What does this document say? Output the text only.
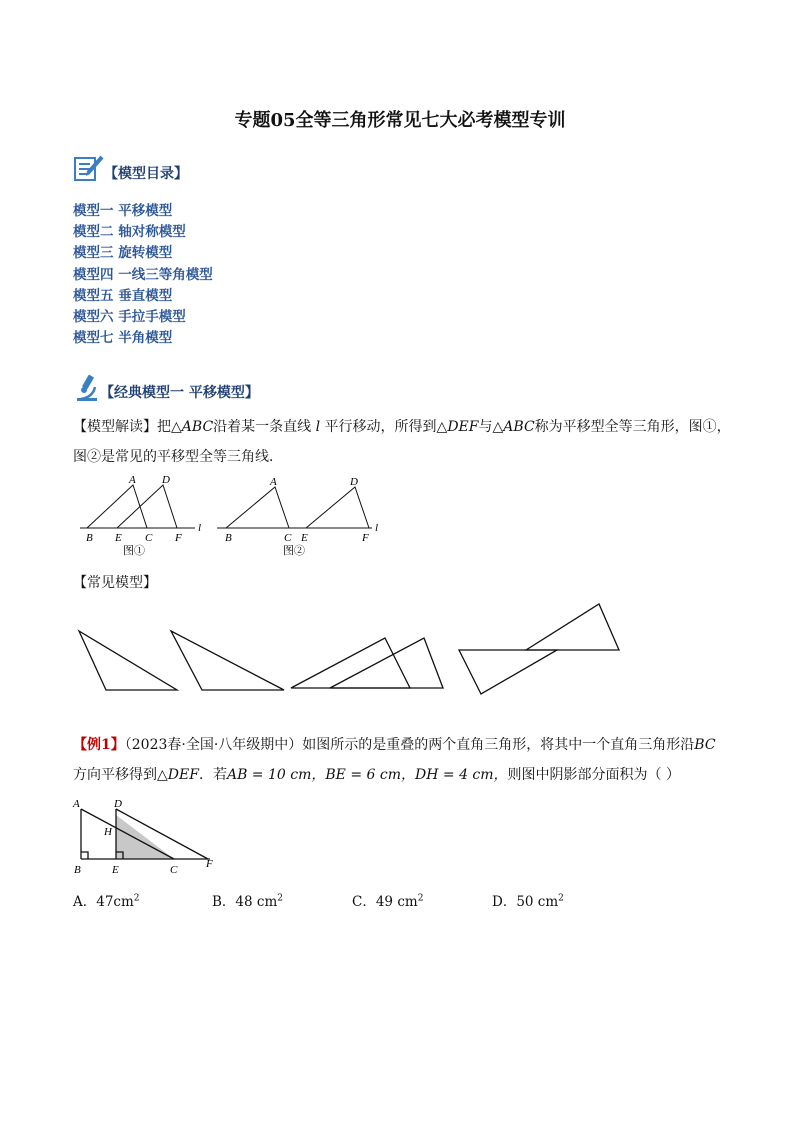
专题05全等三角形常见七大必考模型专训
【模型目录】
模型一 平移模型
模型二 轴对称模型
模型三 旋转模型
模型四 一线三等角模型
模型五 垂直模型
模型六 手拉手模型
模型七 半角模型
【经典模型一 平移模型】
【模型解读】把△ABC沿着某一条直线 l 平行移动，所得到△DEF与△ABC称为平移型全等三角形，图①，
图②是常见的平移型全等三角线．
A D
B E C F
l
图①
A	D
B	C E	F
l
图②
【常见模型】
【例1】（2023春·全国·八年级期中）如图所示的是重叠的两个直角三角形，将其中一个直角三角形沿BC
方向平移得到△DEF．若AB = 10 cm，BE = 6 cm，DH = 4 cm，则图中阴影部分面积为（ ）
A	D
H
B	E	C	F
A．$47cm^2$	B．48 $cm^2$	C．49 $cm^2$	D．50 $cm^2$
